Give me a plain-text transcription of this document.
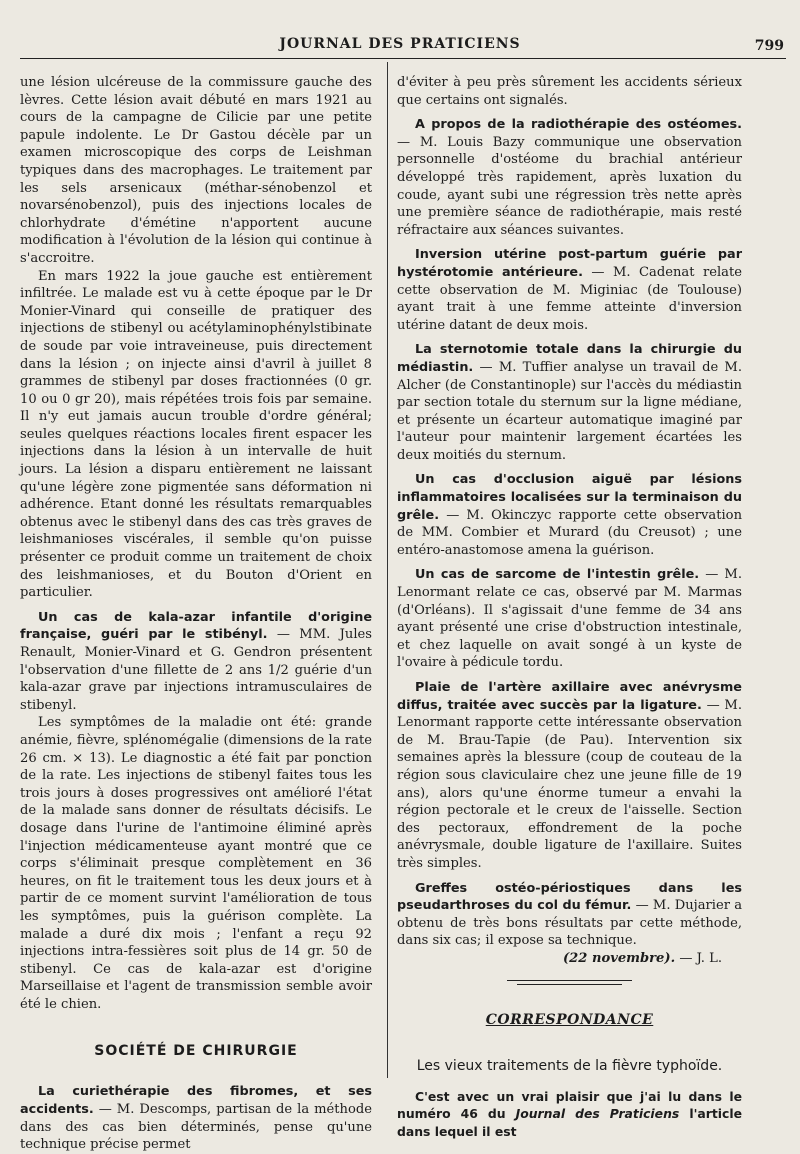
JOURNAL DES PRATICIENS	799

une lésion ulcéreuse de la commissure gauche des lèvres. Cette lésion avait débuté en mars 1921 au cours de la campagne de Cilicie par une petite papule indolente. Le Dr Gastou décèle par un examen microscopique des corps de Leishman typiques dans des macrophages. Le traitement par les sels arsenicaux (méthar-sénobenzol et novarsénobenzol), puis des injections locales de chlorhydrate d'émétine n'apportent aucune modification à l'évolution de la lésion qui continue à s'accroitre.

En mars 1922 la joue gauche est entièrement infiltrée. Le malade est vu à cette époque par le Dr Monier-Vinard qui conseille de pratiquer des injections de stibenyl ou acétylaminophénylstibinate de soude par voie intraveineuse, puis directement dans la lésion ; on injecte ainsi d'avril à juillet 8 grammes de stibenyl par doses fractionnées (0 gr. 10 ou 0 gr 20), mais répétées trois fois par semaine. Il n'y eut jamais aucun trouble d'ordre général; seules quelques réactions locales firent espacer les injections dans la lésion à un intervalle de huit jours. La lésion a disparu entièrement ne laissant qu'une légère zone pigmentée sans déformation ni adhérence. Etant donné les résultats remarquables obtenus avec le stibenyl dans des cas très graves de leishmanioses viscérales, il semble qu'on puisse présenter ce produit comme un traitement de choix des leishmanioses, et du Bouton d'Orient en particulier.

Un cas de kala-azar infantile d'origine française, guéri par le stibényl. — MM. Jules Renault, Monier-Vinard et G. Gendron présentent l'observation d'une fillette de 2 ans 1/2 guérie d'un kala-azar grave par injections intramusculaires de stibenyl.

Les symptômes de la maladie ont été: grande anémie, fièvre, splénomégalie (dimensions de la rate 26 cm. × 13). Le diagnostic a été fait par ponction de la rate. Les injections de stibenyl faites tous les trois jours à doses progressives ont amélioré l'état de la malade sans donner de résultats décisifs. Le dosage dans l'urine de l'antimoine éliminé après l'injection médicamenteuse ayant montré que ce corps s'éliminait presque complètement en 36 heures, on fit le traitement tous les deux jours et à partir de ce moment survint l'amélioration de tous les symptômes, puis la guérison complète. La malade a duré dix mois ; l'enfant a reçu 92 injections intra-fessières soit plus de 14 gr. 50 de stibenyl. Ce cas de kala-azar est d'origine Marseillaise et l'agent de transmission semble avoir été le chien.

SOCIÉTÉ DE CHIRURGIE

La curiethérapie des fibromes, et ses accidents. — M. Descomps, partisan de la méthode dans des cas bien déterminés, pense qu'une technique précise permet

d'éviter à peu près sûrement les accidents sérieux que certains ont signalés.

A propos de la radiothérapie des ostéomes. — M. Louis Bazy communique une observation personnelle d'ostéome du brachial antérieur développé très rapidement, après luxation du coude, ayant subi une régression très nette après une première séance de radiothérapie, mais resté réfractaire aux séances suivantes.

Inversion utérine post-partum guérie par hystérotomie antérieure. — M. Cadenat relate cette observation de M. Miginiac (de Toulouse) ayant trait à une femme atteinte d'inversion utérine datant de deux mois.

La sternotomie totale dans la chirurgie du médiastin. — M. Tuffier analyse un travail de M. Alcher (de Constantinople) sur l'accès du médiastin par section totale du sternum sur la ligne médiane, et présente un écarteur automatique imaginé par l'auteur pour maintenir largement écartées les deux moitiés du sternum.

Un cas d'occlusion aiguë par lésions inflammatoires localisées sur la terminaison du grêle. — M. Okinczyc rapporte cette observation de MM. Combier et Murard (du Creusot) ; une entéro-anastomose amena la guérison.

Un cas de sarcome de l'intestin grêle. — M. Lenormant relate ce cas, observé par M. Marmas (d'Orléans). Il s'agissait d'une femme de 34 ans ayant présenté une crise d'obstruction intestinale, et chez laquelle on avait songé à un kyste de l'ovaire à pédicule tordu.

Plaie de l'artère axillaire avec anévrysme diffus, traitée avec succès par la ligature. — M. Lenormant rapporte cette intéressante observation de M. Brau-Tapie (de Pau). Intervention six semaines après la blessure (coup de couteau de la région sous claviculaire chez une jeune fille de 19 ans), alors qu'une énorme tumeur a envahi la région pectorale et le creux de l'aisselle. Section des pectoraux, effondrement de la poche anévrysmale, double ligature de l'axillaire. Suites très simples.

Greffes ostéo-périostiques dans les pseudarthroses du col du fémur. — M. Dujarier a obtenu de très bons résultats par cette méthode, dans six cas; il expose sa technique.

(22 novembre). — J. L.

CORRESPONDANCE
Les vieux traitements de la fièvre typhoïde.

C'est avec un vrai plaisir que j'ai lu dans le numéro 46 du Journal des Praticiens l'article dans lequel il est
